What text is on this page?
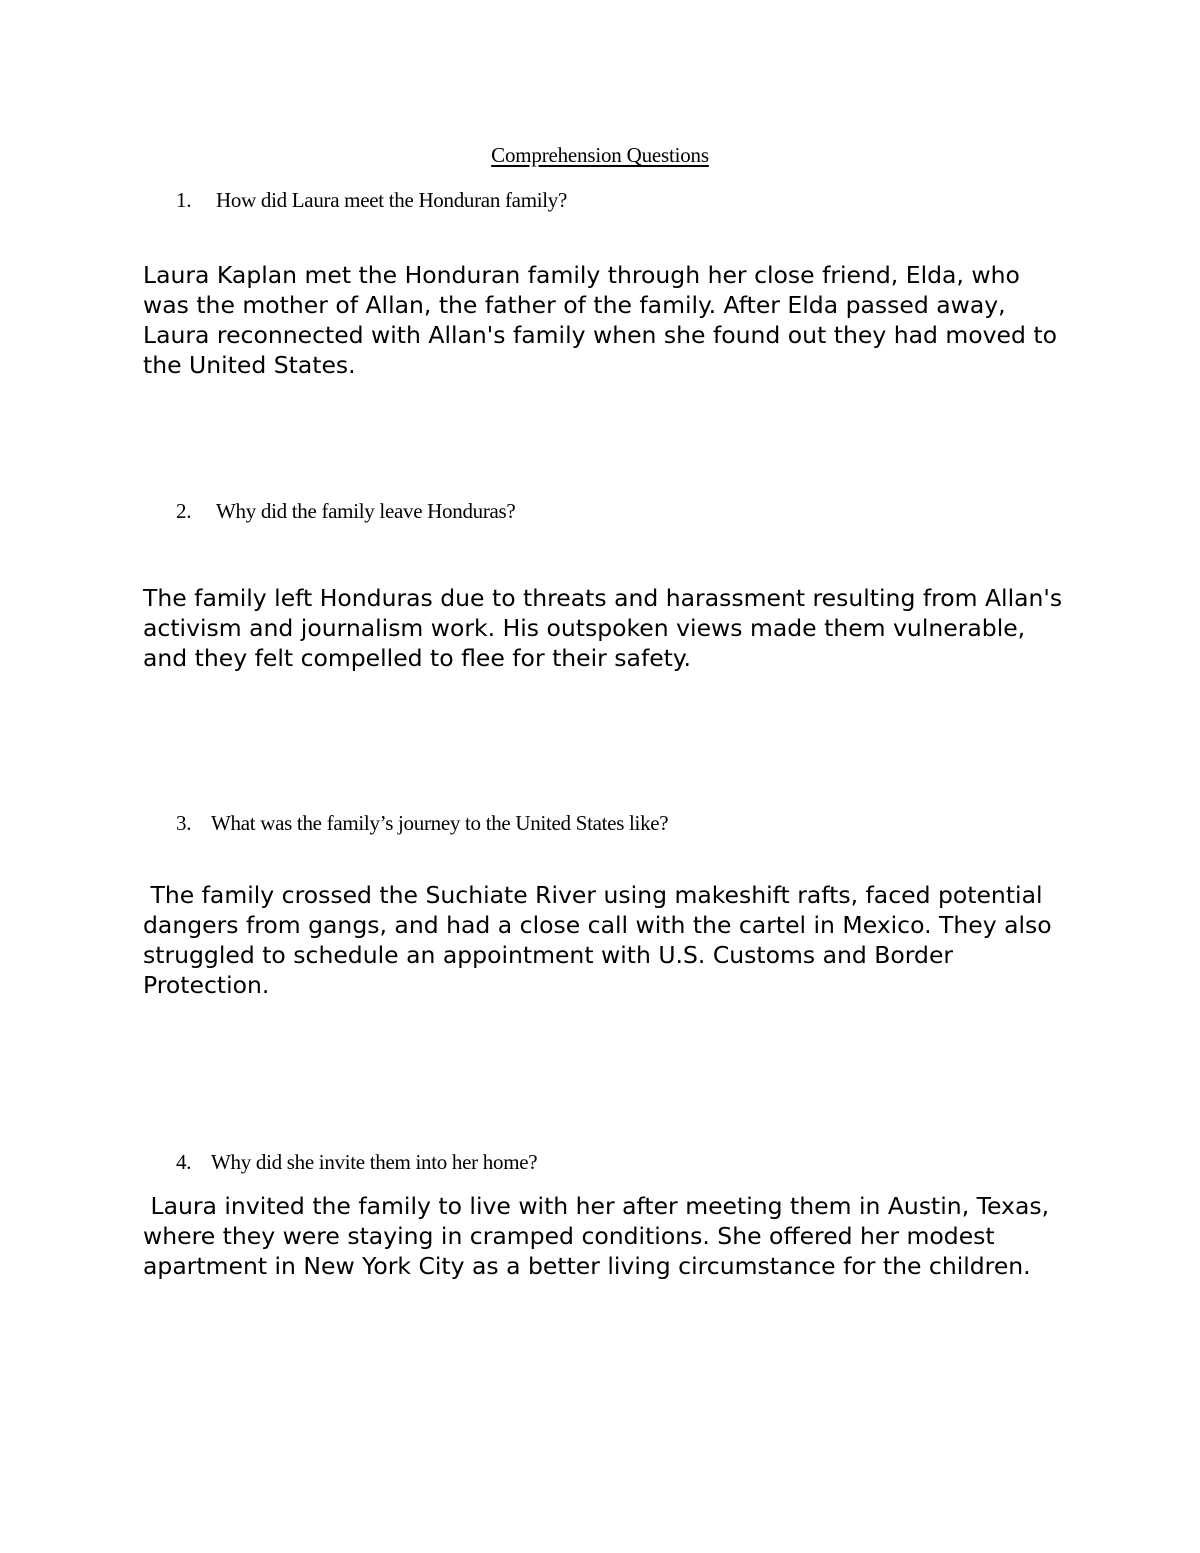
Comprehension Questions
1. How did Laura meet the Honduran family?

Laura Kaplan met the Honduran family through her close friend, Elda, who was the mother of Allan, the father of the family. After Elda passed away, Laura reconnected with Allan's family when she found out they had moved to the United States.

2. Why did the family leave Honduras?

The family left Honduras due to threats and harassment resulting from Allan's activism and journalism work. His outspoken views made them vulnerable, and they felt compelled to flee for their safety.

3. What was the family’s journey to the United States like?

The family crossed the Suchiate River using makeshift rafts, faced potential dangers from gangs, and had a close call with the cartel in Mexico. They also struggled to schedule an appointment with U.S. Customs and Border Protection.

4. Why did she invite them into her home?

Laura invited the family to live with her after meeting them in Austin, Texas, where they were staying in cramped conditions. She offered her modest apartment in New York City as a better living circumstance for the children.
